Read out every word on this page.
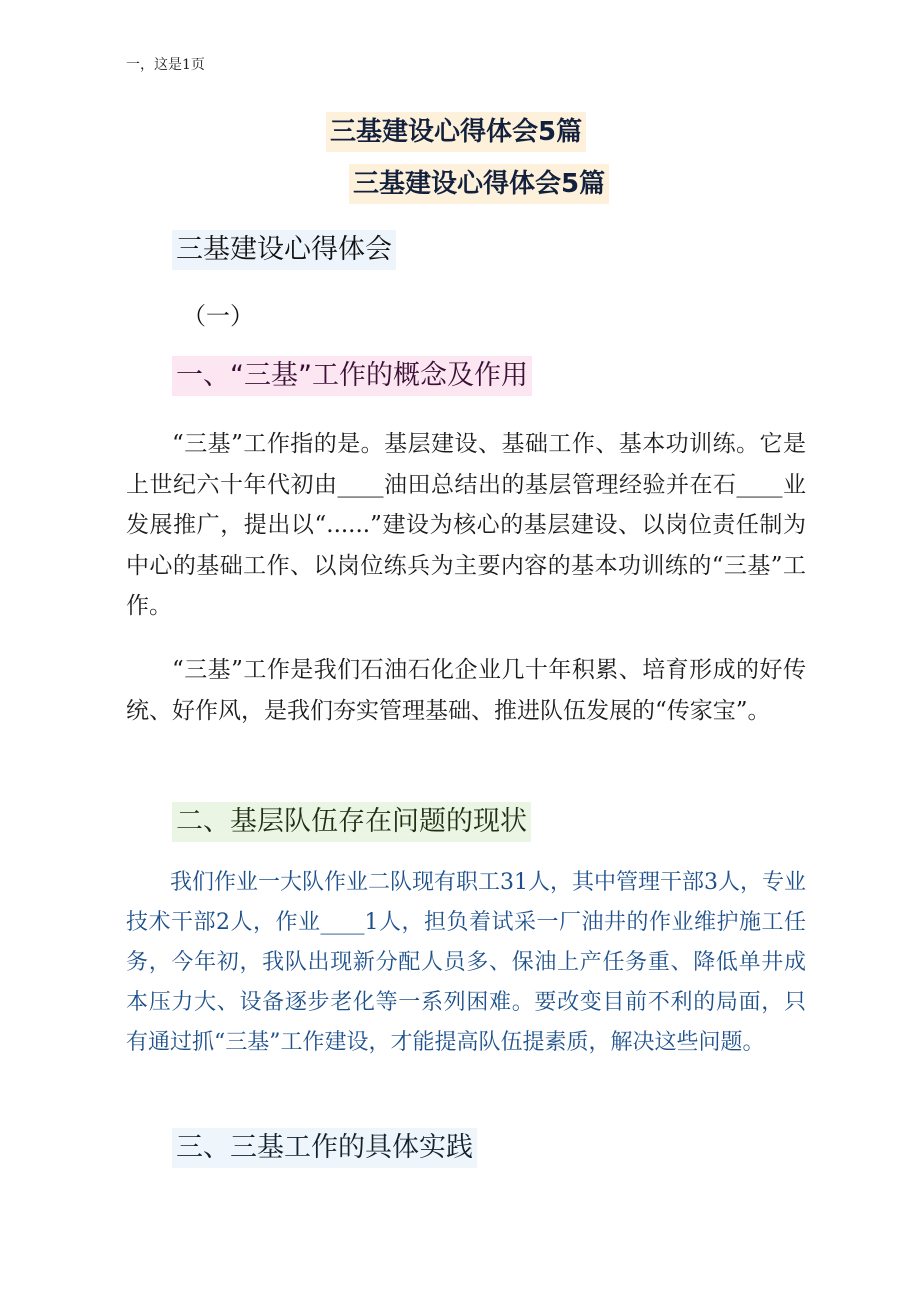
一，这是1页
三基建设心得体会5篇
三基建设心得体会5篇
三基建设心得体会
（一）
一、“三基”工作的概念及作用

“三基”工作指的是。基层建设、基础工作、基本功训练。它是上世纪六十年代初由____油田总结出的基层管理经验并在石____业发展推广，提出以“......”建设为核心的基层建设、以岗位责任制为中心的基础工作、以岗位练兵为主要内容的基本功训练的“三基”工作。

“三基”工作是我们石油石化企业几十年积累、培育形成的好传统、好作风，是我们夯实管理基础、推进队伍发展的“传家宝”。

二、基层队伍存在问题的现状

我们作业一大队作业二队现有职工31人，其中管理干部3人，专业技术干部2人，作业____1人，担负着试采一厂油井的作业维护施工任务，今年初，我队出现新分配人员多、保油上产任务重、降低单井成本压力大、设备逐步老化等一系列困难。要改变目前不利的局面，只有通过抓“三基”工作建设，才能提高队伍提素质，解决这些问题。

三、三基工作的具体实践
